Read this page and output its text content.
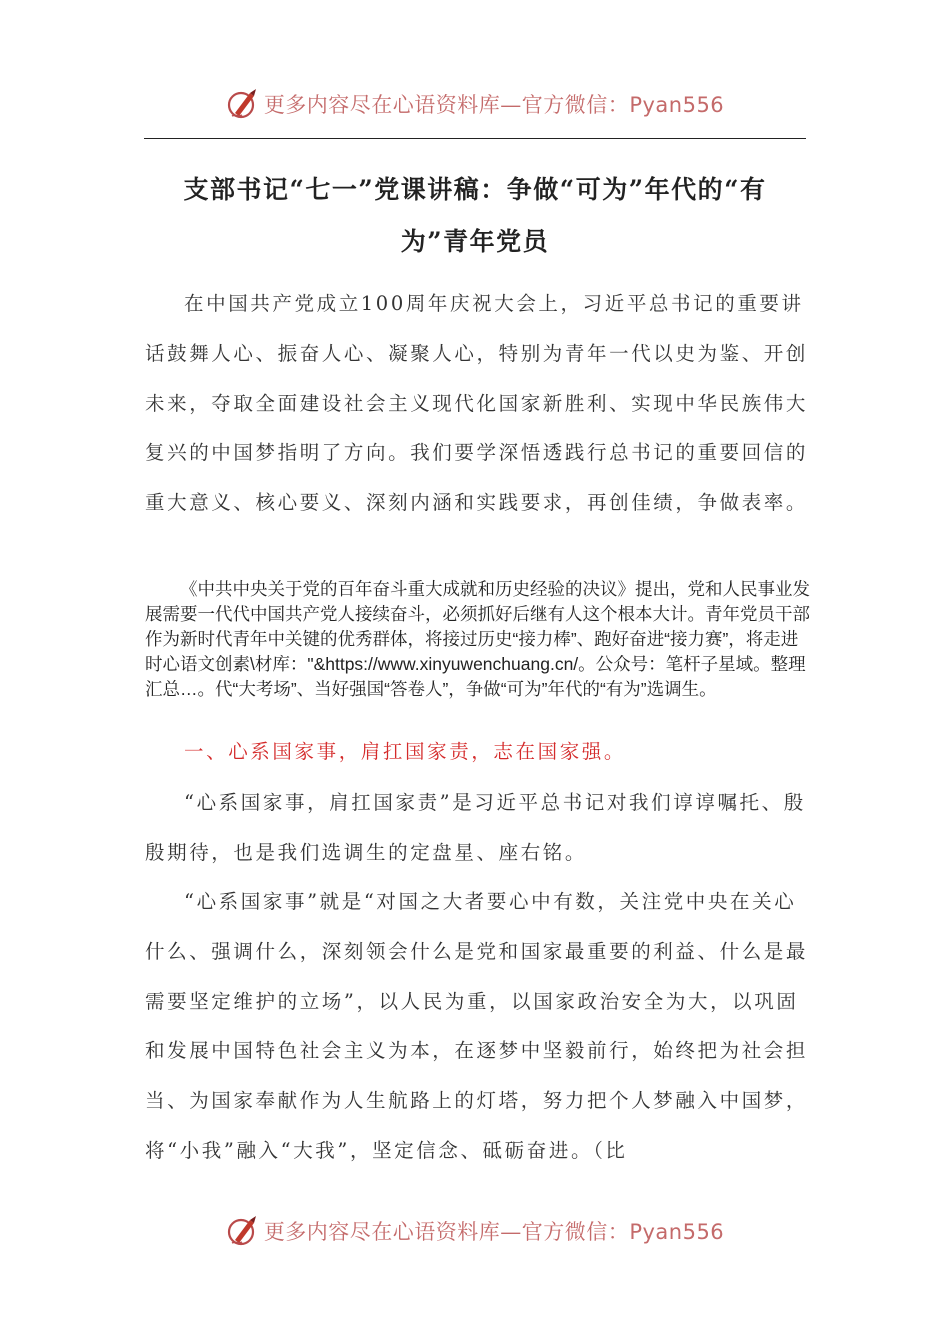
更多内容尽在心语资料库—官方微信：Pyan556
支部书记“七一”党课讲稿：争做“可为”年代的“有
为”青年党员

在中国共产党成立100周年庆祝大会上，习近平总书记的重要讲话鼓舞人心、振奋人心、凝聚人心，特别为青年一代以史为鉴、开创未来，夺取全面建设社会主义现代化国家新胜利、实现中华民族伟大复兴的中国梦指明了方向。我们要学深悟透践行总书记的重要回信的重大意义、核心要义、深刻内涵和实践要求，再创佳绩，争做表率。

《中共中央关于党的百年奋斗重大成就和历史经验的决议》提出，党和人民事业发展需要一代代中国共产党人接续奋斗，必须抓好后继有人这个根本大计。青年党员干部作为新时代青年中关键的优秀群体，将接过历史“接力棒”、跑好奋进“接力赛”，将走进时心语文创素\材库："&https://www.xinyuwenchuang.cn/。公众号：笔杆子星域。整理汇总…。代“大考场”、当好强国“答卷人”，争做“可为”年代的“有为”选调生。

一、心系国家事，肩扛国家责，志在国家强。

“心系国家事，肩扛国家责”是习近平总书记对我们谆谆嘱托、殷殷期待，也是我们选调生的定盘星、座右铭。

“心系国家事”就是“对国之大者要心中有数，关注党中央在关心什么、强调什么，深刻领会什么是党和国家最重要的利益、什么是最需要坚定维护的立场”，以人民为重，以国家政治安全为大，以巩固和发展中国特色社会主义为本，在逐梦中坚毅前行，始终把为社会担当、为国家奉献作为人生航路上的灯塔，努力把个人梦融入中国梦，将“小我”融入“大我”，坚定信念、砥砺奋进。（比

更多内容尽在心语资料库—官方微信：Pyan556
